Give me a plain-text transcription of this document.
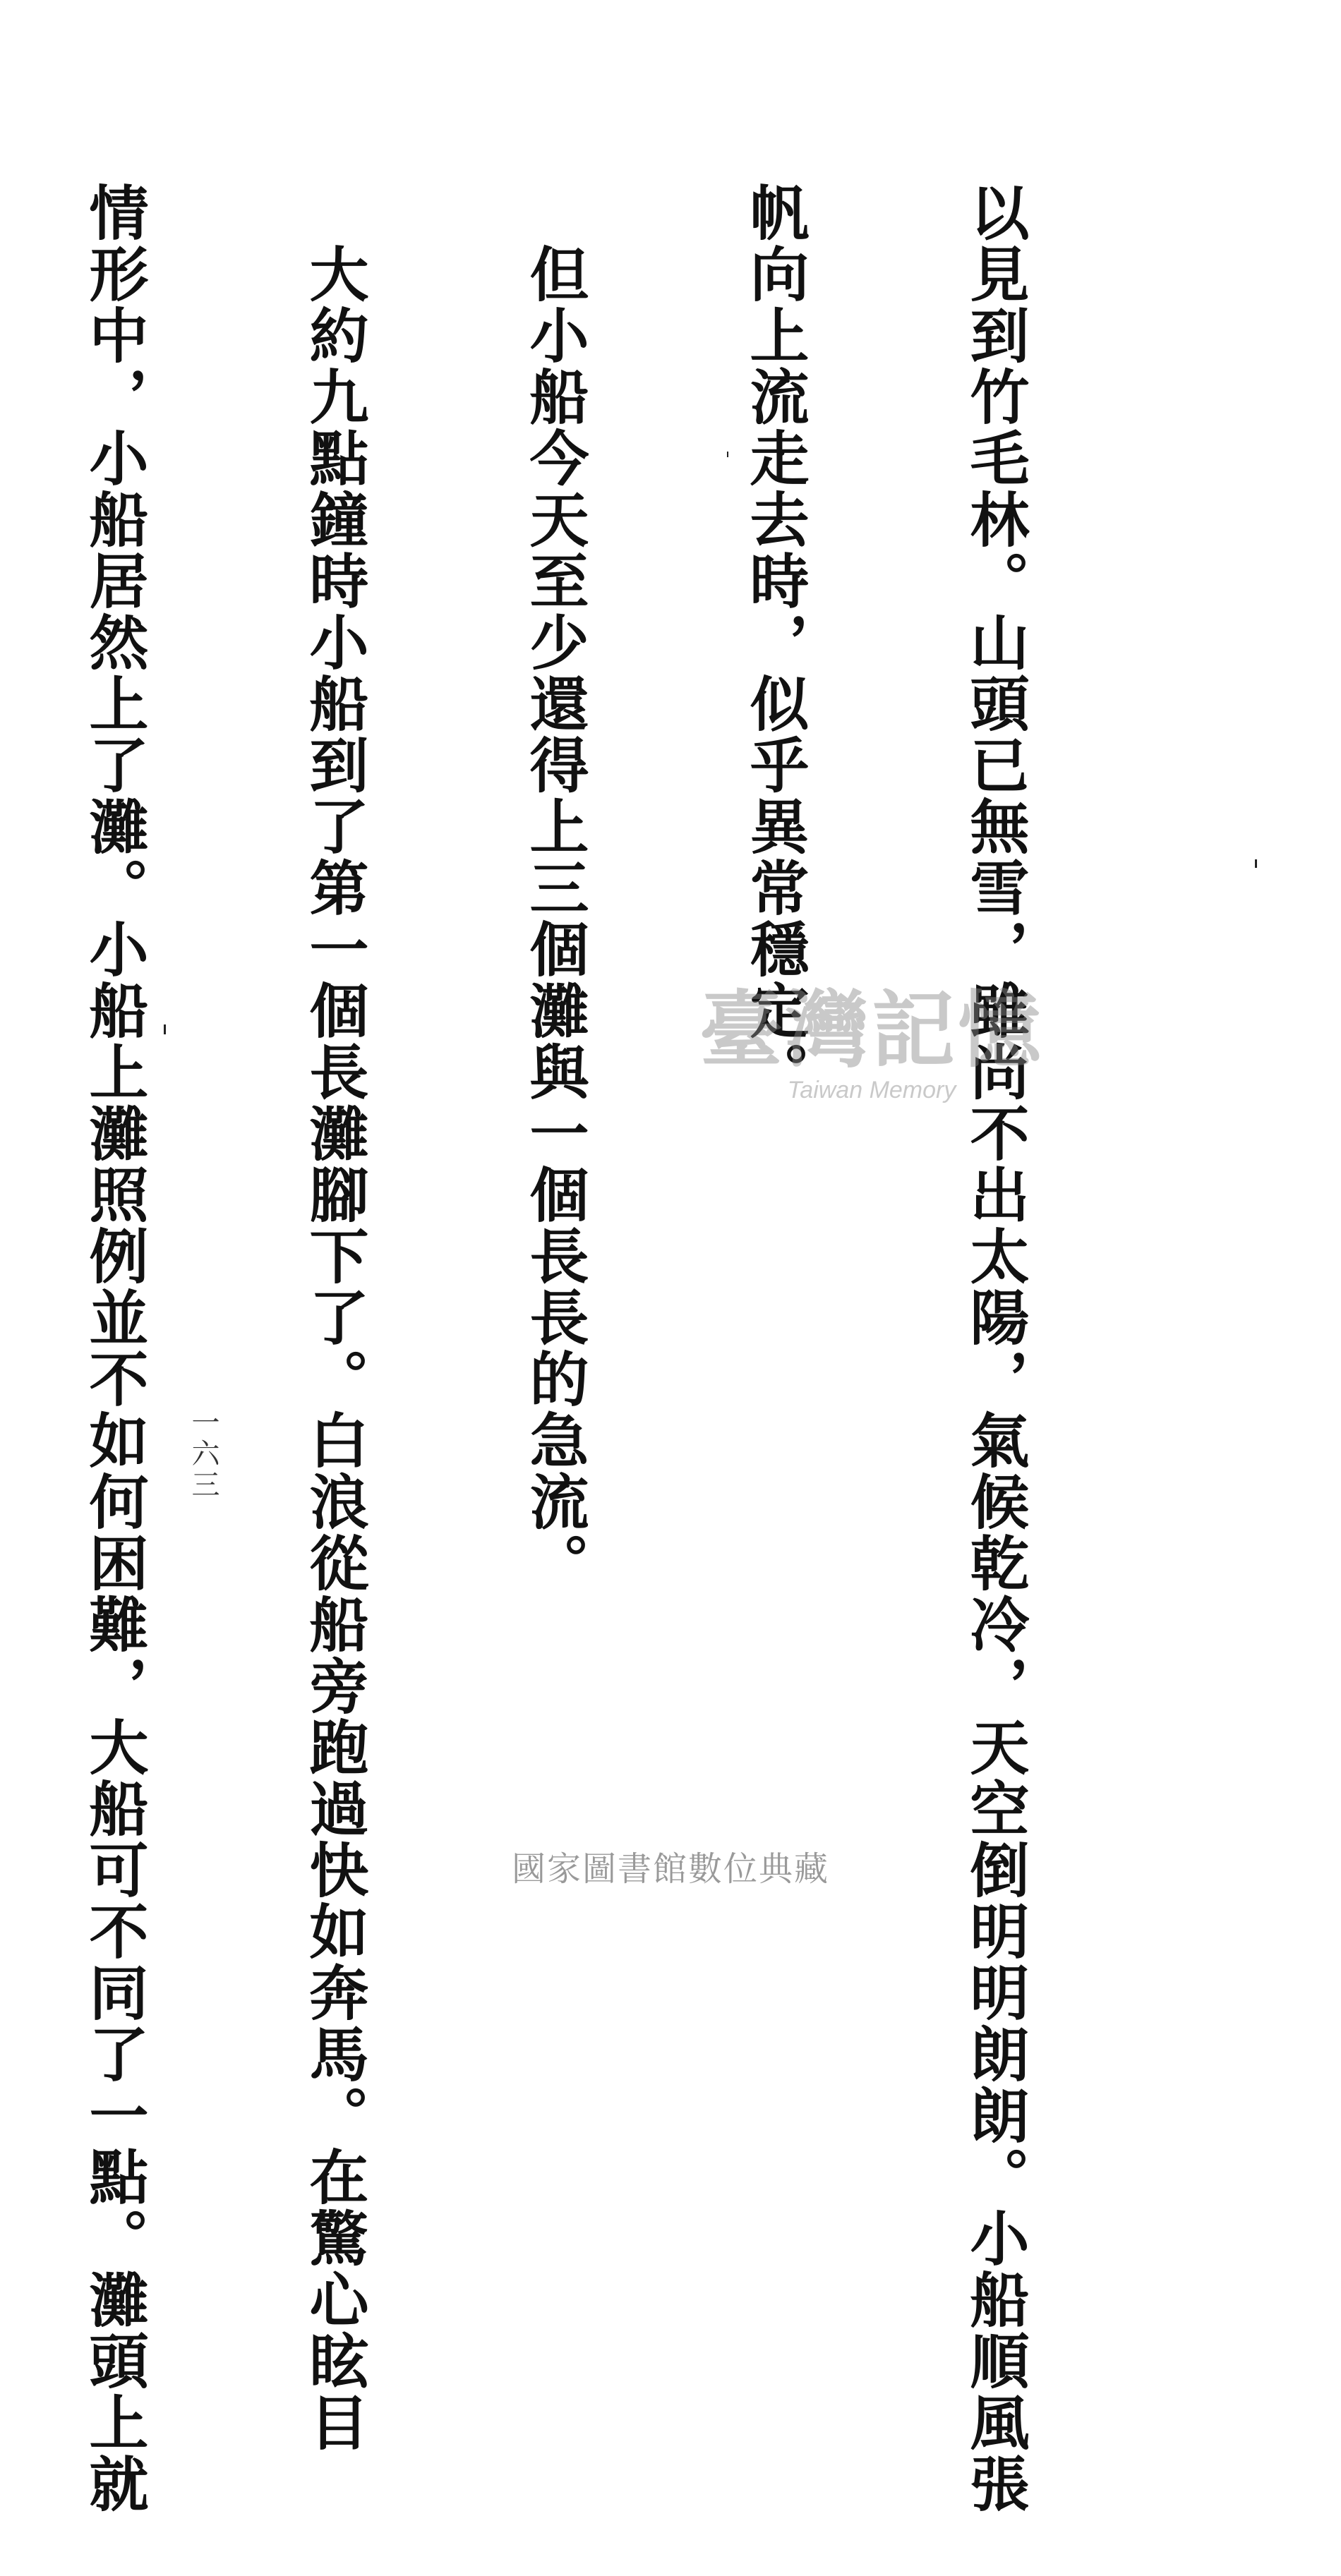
以見到竹毛林。山頭已無雪，雖尚不出太陽，氣候乾冷，天空倒明明朗朗。小船順風張

帆向上流走去時，似乎異常穩定。

　但小船今天至少還得上三個灘與一個長長的急流。

　大約九點鐘時小船到了第一個長灘腳下了。白浪從船旁跑過快如奔馬。在驚心眩目

情形中，小船居然上了灘。小船上灘照例並不如何困難，大船可不同了一點。灘頭上就

一六三
臺灣記憶
Taiwan Memory
國家圖書館數位典藏
